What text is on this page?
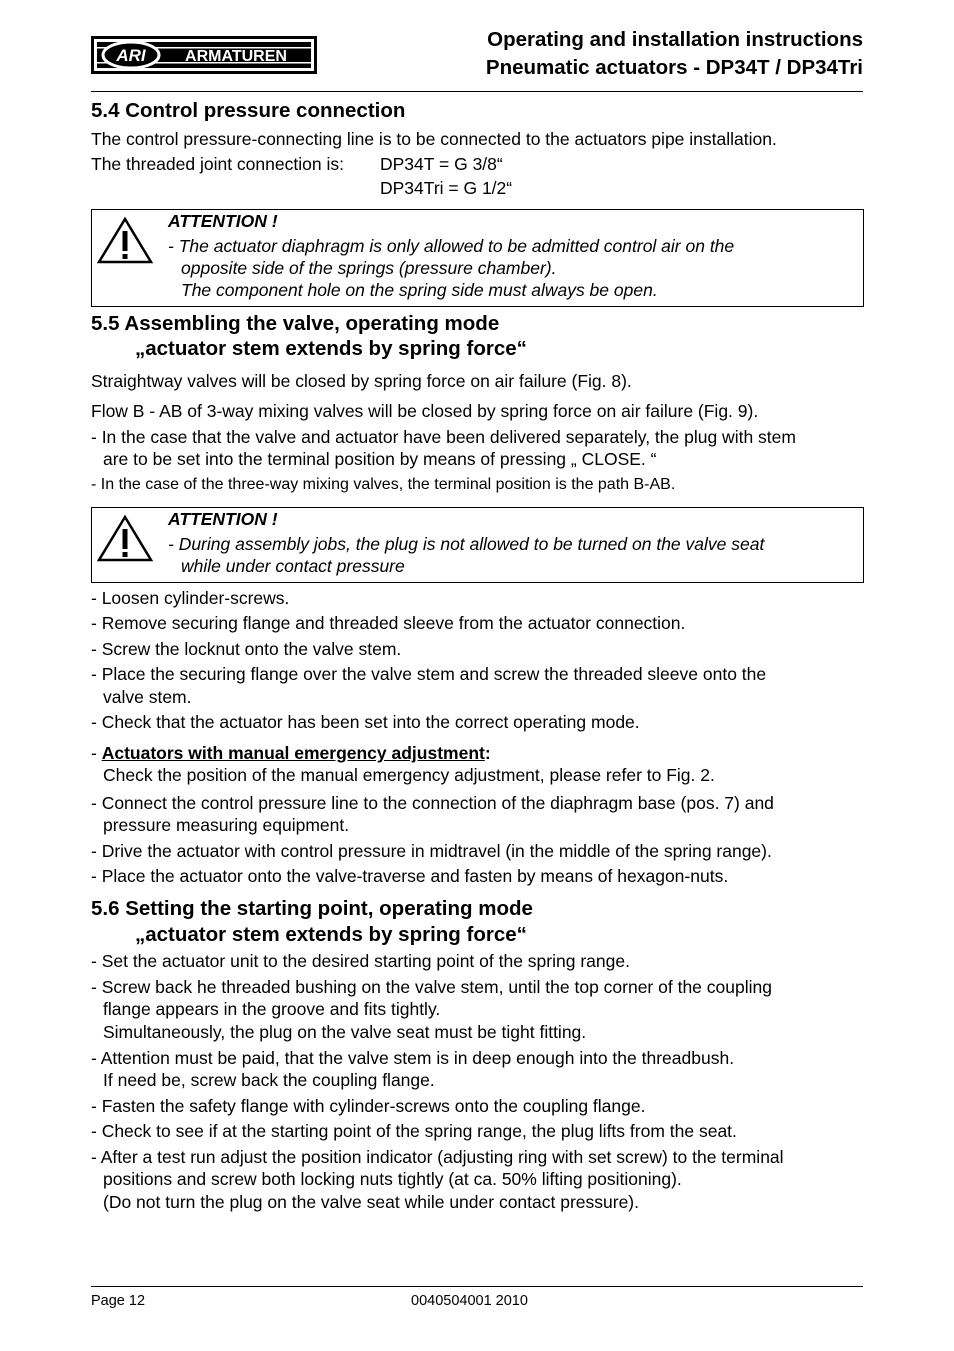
ARI ARMATUREN
Operating and installation instructions
Pneumatic actuators - DP34T / DP34Tri
5.4 Control pressure connection
The control pressure-connecting line is to be connected to the actuators pipe installation.
The threaded joint connection is: DP34T = G 3/8“
DP34Tri = G 1/2“
ATTENTION !
- The actuator diaphragm is only allowed to be admitted control air on the
opposite side of the springs (pressure chamber).
The component hole on the spring side must always be open.
5.5 Assembling the valve, operating mode
„actuator stem extends by spring force“
Straightway valves will be closed by spring force on air failure (Fig. 8).
Flow B - AB of 3-way mixing valves will be closed by spring force on air failure (Fig. 9).
- In the case that the valve and actuator have been delivered separately, the plug with stem
are to be set into the terminal position by means of pressing „ CLOSE. “
- In the case of the three-way mixing valves, the terminal position is the path B-AB.
ATTENTION !
- During assembly jobs, the plug is not allowed to be turned on the valve seat
while under contact pressure
- Loosen cylinder-screws.
- Remove securing flange and threaded sleeve from the actuator connection.
- Screw the locknut onto the valve stem.
- Place the securing flange over the valve stem and screw the threaded sleeve onto the
valve stem.
- Check that the actuator has been set into the correct operating mode.
- Actuators with manual emergency adjustment:
Check the position of the manual emergency adjustment, please refer to Fig. 2.
- Connect the control pressure line to the connection of the diaphragm base (pos. 7) and
pressure measuring equipment.
- Drive the actuator with control pressure in midtravel (in the middle of the spring range).
- Place the actuator onto the valve-traverse and fasten by means of hexagon-nuts.
5.6 Setting the starting point, operating mode
„actuator stem extends by spring force“
- Set the actuator unit to the desired starting point of the spring range.
- Screw back he threaded bushing on the valve stem, until the top corner of the coupling
flange appears in the groove and fits tightly.
Simultaneously, the plug on the valve seat must be tight fitting.
- Attention must be paid, that the valve stem is in deep enough into the threadbush.
If need be, screw back the coupling flange.
- Fasten the safety flange with cylinder-screws onto the coupling flange.
- Check to see if at the starting point of the spring range, the plug lifts from the seat.
- After a test run adjust the position indicator (adjusting ring with set screw) to the terminal
positions and screw both locking nuts tightly (at ca. 50% lifting positioning).
(Do not turn the plug on the valve seat while under contact pressure).
Page 12	0040504001 2010
